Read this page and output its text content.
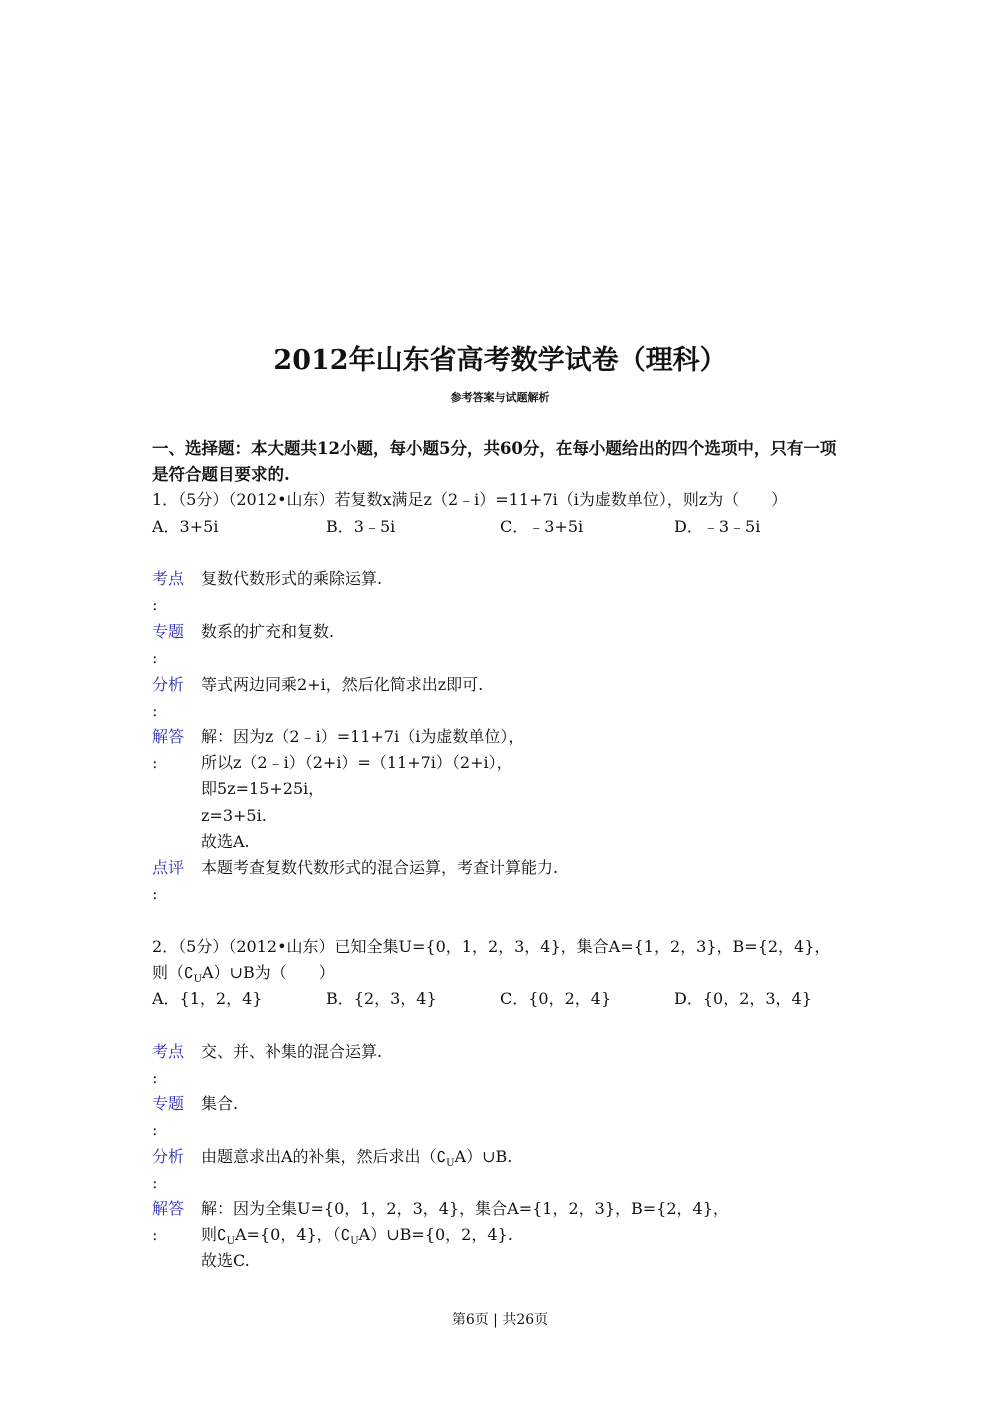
2012年山东省高考数学试卷（理科）
参考答案与试题解析
一、选择题：本大题共12小题，每小题5分，共60分，在每小题给出的四个选项中，只有一项是符合题目要求的.
1．（5分）（2012•山东）若复数x满足z（2﹣i）=11+7i（i为虚数单位），则z为（　　）
A．3+5i	B．3﹣5i	C．﹣3+5i	D．﹣3﹣5i
考点 复数代数形式的乘除运算.
：
专题 数系的扩充和复数.
：
分析 等式两边同乘2+i，然后化简求出z即可.
：
解答
：
解：因为z（2﹣i）=11+7i（i为虚数单位），
所以z（2﹣i）（2+i）=（11+7i）（2+i），
即5z=15+25i，
z=3+5i.
故选A.
点评 本题考查复数代数形式的混合运算，考查计算能力.
：
2．（5分）（2012•山东）已知全集U={0，1，2，3，4}，集合A={1，2，3}，B={2，4}，
则$(∁_UA)\cup B$为（　　）
A．{1，2，4}	B．{2，3，4}	C．{0，2，4}	D．{0，2，3，4}
考点 交、并、补集的混合运算.
：
专题 集合.
：
分析 由题意求出A的补集，然后求出$(∁_UA)\cup B$.
：
解答
：
解：因为全集U={0，1，2，3，4}，集合A={1，2，3}，B={2，4}，
则$∁_UA=\{0$，4}，$(∁_UA)\cup B=\{0$，2，4}.
故选C.
第6页 | 共26页
